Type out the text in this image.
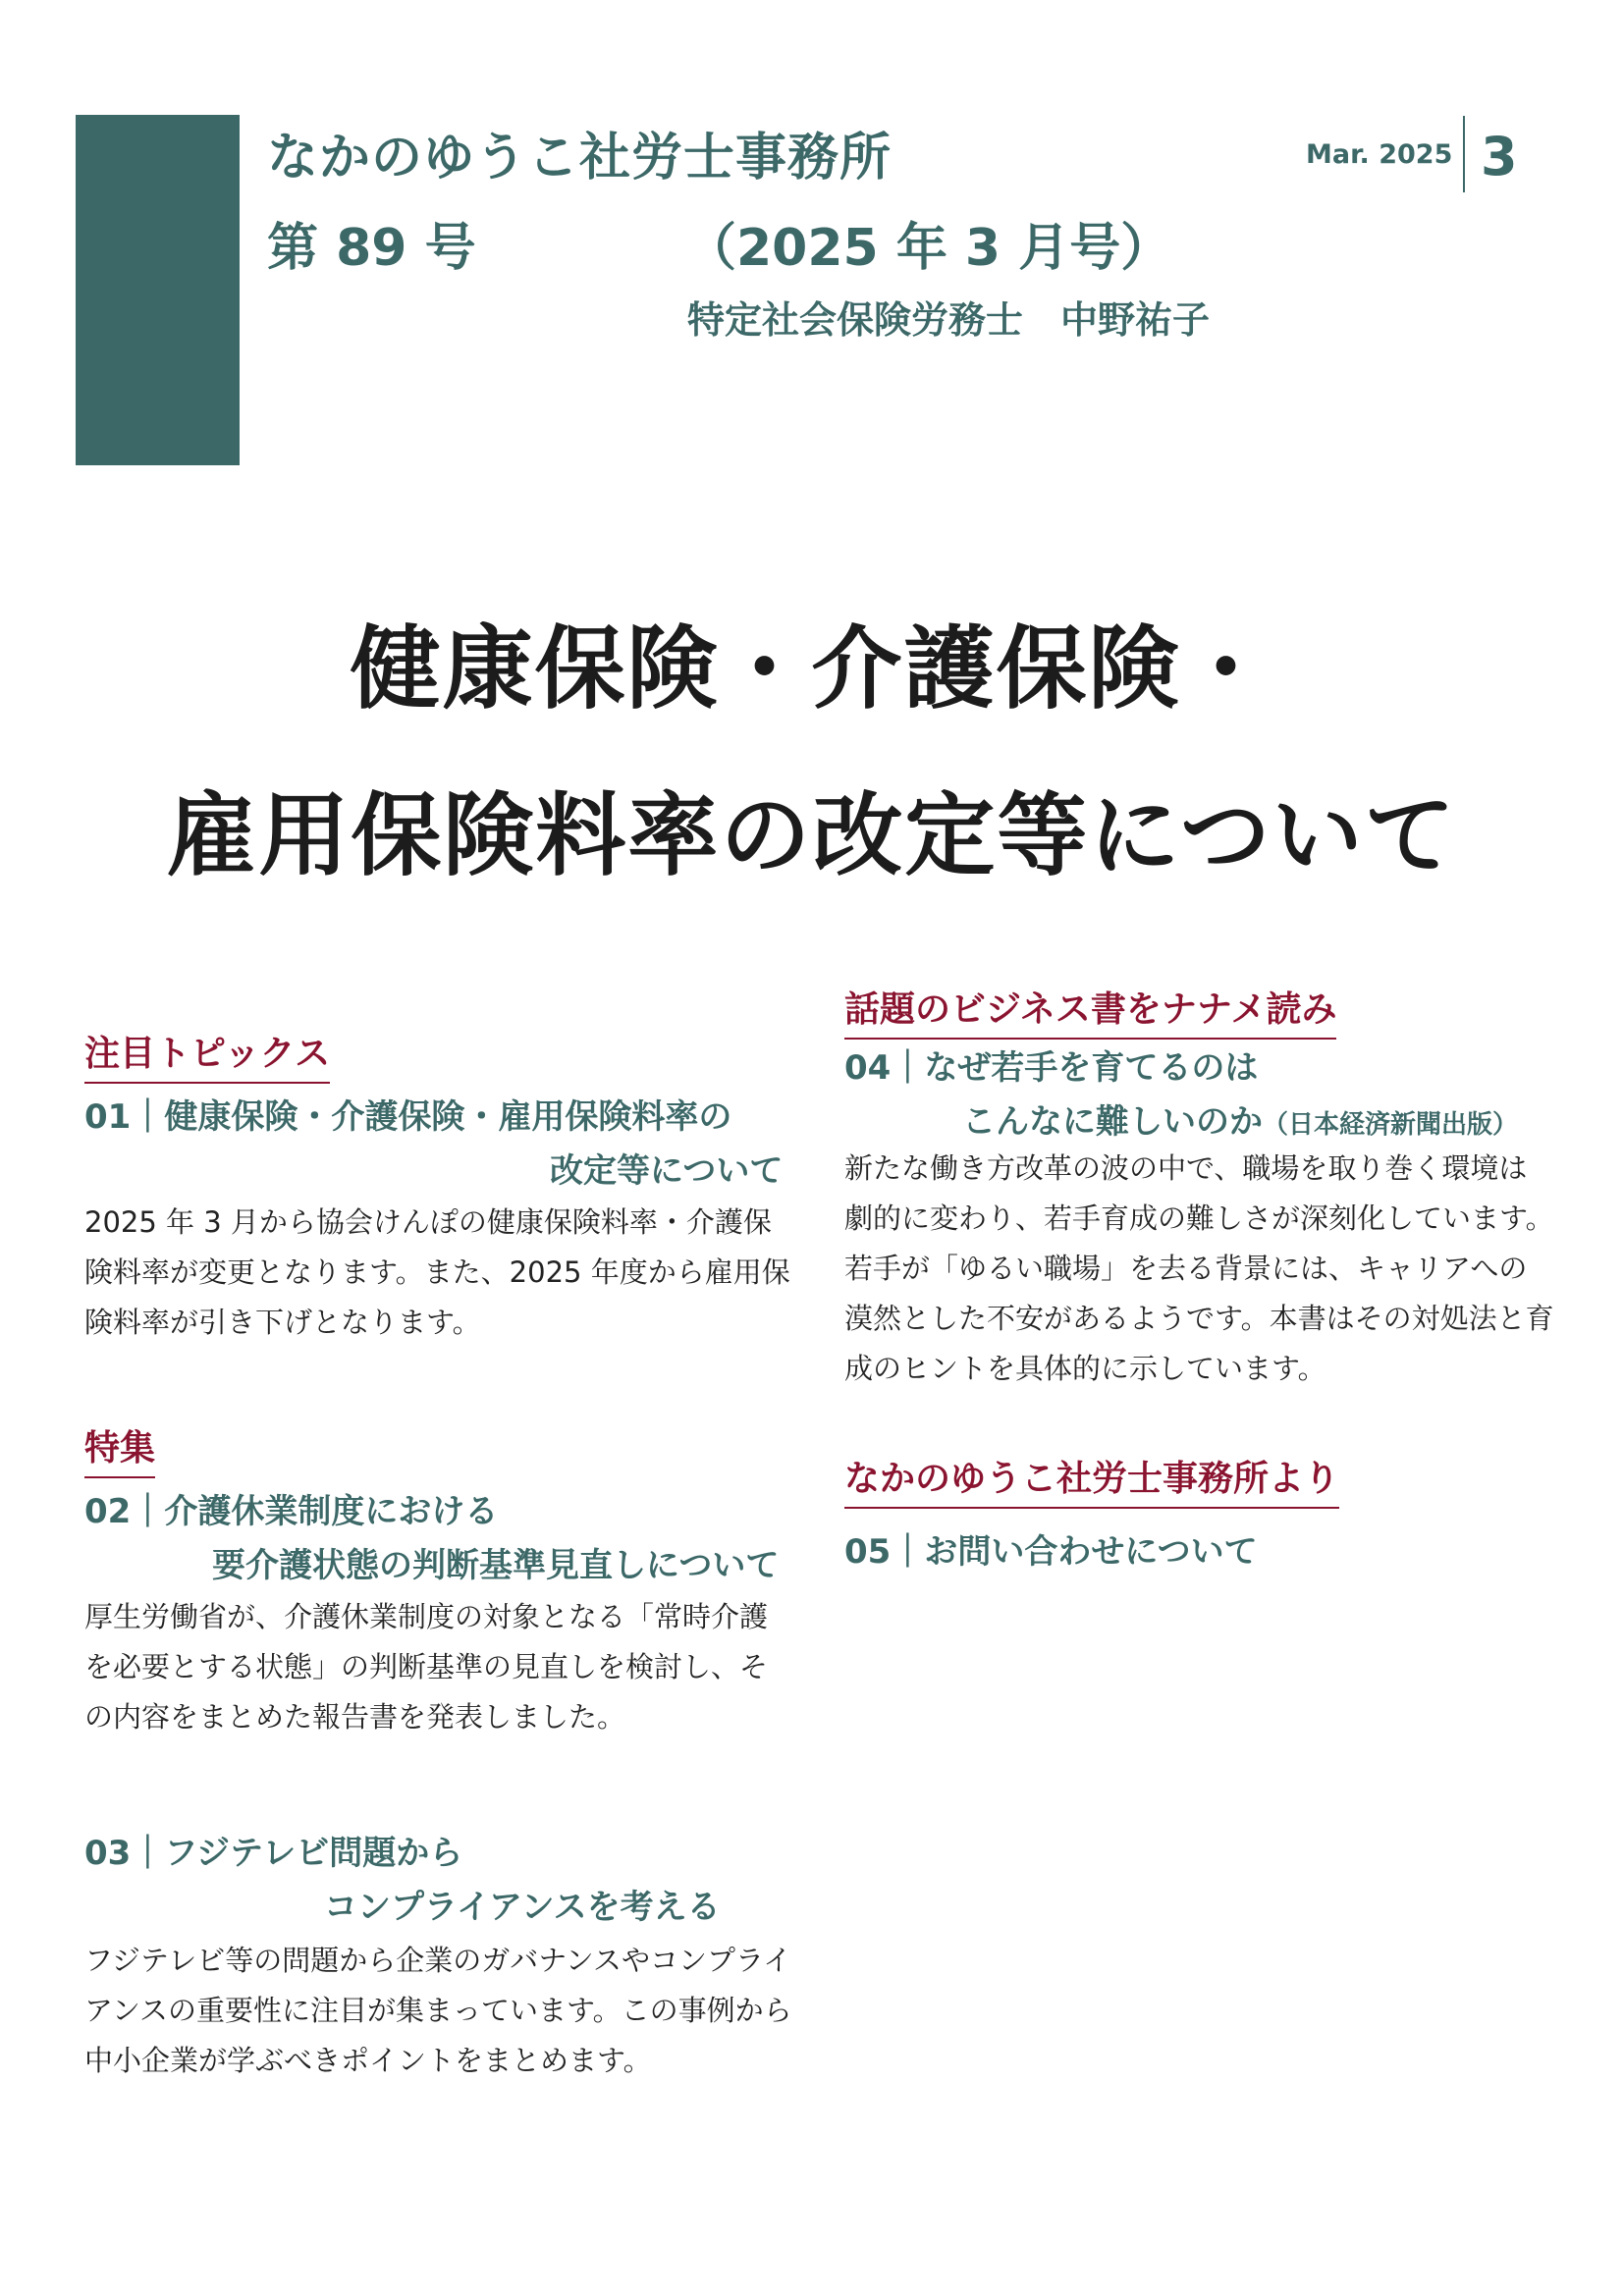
なかのゆうこ社労士事務所
第 89 号	（2025 年 3 月号）
特定社会保険労務士　中野祐子
Mar. 2025 3
健康保険・介護保険・
雇用保険料率の改定等について
注目トピックス
01｜健康保険・介護保険・雇用保険料率の
改定等について
2025 年 3 月から協会けんぽの健康保険料率・介護保険料率が変更となります。また、2025 年度から雇用保険料率が引き下げとなります。
特集
02｜介護休業制度における
要介護状態の判断基準見直しについて
厚生労働省が、介護休業制度の対象となる「常時介護を必要とする状態」の判断基準の見直しを検討し、その内容をまとめた報告書を発表しました。
03｜フジテレビ問題から
コンプライアンスを考える
フジテレビ等の問題から企業のガバナンスやコンプライアンスの重要性に注目が集まっています。この事例から中小企業が学ぶべきポイントをまとめます。
話題のビジネス書をナナメ読み
04｜なぜ若手を育てるのは
こんなに難しいのか（日本経済新聞出版）
新たな働き方改革の波の中で、職場を取り巻く環境は劇的に変わり、若手育成の難しさが深刻化しています。若手が「ゆるい職場」を去る背景には、キャリアへの漠然とした不安があるようです。本書はその対処法と育成のヒントを具体的に示しています。
なかのゆうこ社労士事務所より
05｜お問い合わせについて
